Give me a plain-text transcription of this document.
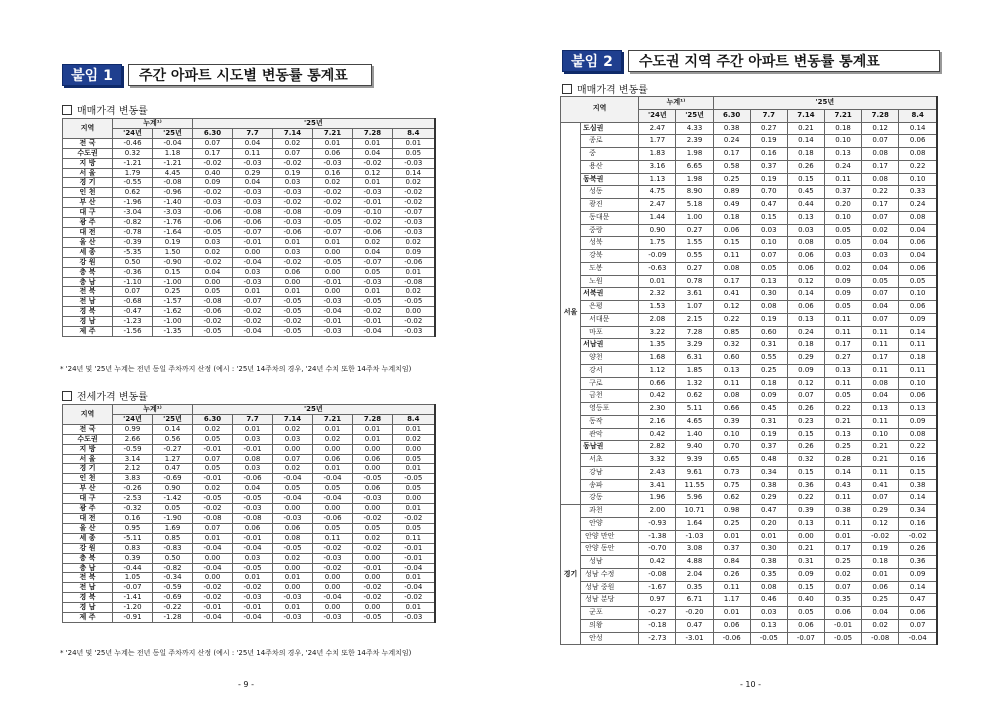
붙임 1	주간 아파트 시도별 변동률 통계표
매매가격 변동률
지역	누계¹⁾		'25년					
	'24년	'25년	6.30	7.7	7.14	7.21	7.28	8.4
전 국	-0.46	-0.04	0.07	0.04	0.02	0.01	0.01	0.01
수도권	0.32	1.18	0.17	0.11	0.07	0.06	0.04	0.05
지 방	-1.21	-1.21	-0.02	-0.03	-0.02	-0.03	-0.02	-0.03
서 울	1.79	4.45	0.40	0.29	0.19	0.16	0.12	0.14
경 기	-0.55	-0.08	0.09	0.04	0.03	0.02	0.01	0.02
인 천	0.62	-0.96	-0.02	-0.03	-0.03	-0.02	-0.03	-0.02
부 산	-1.96	-1.40	-0.03	-0.03	-0.02	-0.02	-0.01	-0.02
대 구	-3.04	-3.03	-0.06	-0.08	-0.08	-0.09	-0.10	-0.07
광 주	-0.82	-1.76	-0.06	-0.06	-0.03	-0.05	-0.02	-0.03
대 전	-0.78	-1.64	-0.05	-0.07	-0.06	-0.07	-0.06	-0.03
울 산	-0.39	0.19	0.03	-0.01	0.01	0.01	0.02	0.02
세 종	-5.35	1.50	0.02	0.00	0.03	0.00	0.04	0.09
강 원	0.50	-0.90	-0.02	-0.04	-0.02	-0.05	-0.07	-0.06
충 북	-0.36	0.15	0.04	0.03	0.06	0.00	0.05	0.01
충 남	-1.10	-1.00	0.00	-0.03	0.00	-0.01	-0.03	-0.08
전 북	0.07	0.25	0.05	0.01	0.01	0.00	0.01	0.02
전 남	-0.68	-1.57	-0.08	-0.07	-0.05	-0.03	-0.05	-0.05
경 북	-0.47	-1.62	-0.06	-0.02	-0.05	-0.04	-0.02	0.00
경 남	-1.23	-1.00	-0.02	-0.02	-0.02	-0.01	-0.01	-0.02
제 주	-1.56	-1.35	-0.05	-0.04	-0.05	-0.03	-0.04	-0.03
* '24년 및 '25년 누계는 전년 동일 주차까지 산정 (예시 : '25년 14주차의 경우, '24년 수치 또한 14주차 누계치임)
전세가격 변동률
지역	누계¹⁾		'25년					
	'24년	'25년	6.30	7.7	7.14	7.21	7.28	8.4
전 국	0.99	0.14	0.02	0.01	0.02	0.01	0.01	0.01
수도권	2.66	0.56	0.05	0.03	0.03	0.02	0.01	0.02
지 방	-0.59	-0.27	-0.01	-0.01	0.00	0.00	0.00	0.00
서 울	3.14	1.27	0.07	0.08	0.07	0.06	0.06	0.05
경 기	2.12	0.47	0.05	0.03	0.02	0.01	0.00	0.01
인 천	3.83	-0.69	-0.01	-0.06	-0.04	-0.04	-0.05	-0.05
부 산	-0.26	0.90	0.02	0.04	0.05	0.05	0.06	0.05
대 구	-2.53	-1.42	-0.05	-0.05	-0.04	-0.04	-0.03	0.00
광 주	-0.32	0.05	-0.02	-0.03	0.00	0.00	0.00	0.01
대 전	0.16	-1.90	-0.08	-0.08	-0.03	-0.06	-0.02	-0.02
울 산	0.95	1.69	0.07	0.06	0.06	0.05	0.05	0.05
세 종	-5.11	0.85	0.01	-0.01	0.08	0.11	0.02	0.11
강 원	0.83	-0.83	-0.04	-0.04	-0.05	-0.02	-0.02	-0.01
충 북	0.39	0.50	0.00	0.03	0.02	-0.03	0.00	-0.01
충 남	-0.44	-0.82	-0.04	-0.05	0.00	-0.02	-0.01	-0.04
전 북	1.05	-0.34	0.00	0.01	0.01	0.00	0.00	0.01
전 남	-0.07	-0.59	-0.02	-0.02	0.00	0.00	-0.02	-0.04
경 북	-1.41	-0.69	-0.02	-0.03	-0.03	-0.04	-0.02	-0.02
경 남	-1.20	-0.22	-0.01	-0.01	0.01	0.00	0.00	0.01
제 주	-0.91	-1.28	-0.04	-0.04	-0.03	-0.03	-0.05	-0.03
* '24년 및 '25년 누계는 전년 동일 주차까지 산정 (예시 : '25년 14주차의 경우, '24년 수치 또한 14주차 누계치임)
- 9 -
붙임 2	수도권 지역 주간 아파트 변동률 통계표
매매가격 변동률
지역		누계¹⁾		'25년					
		'24년	'25년	6.30	7.7	7.14	7.21	7.28	8.4
서울	도심권	2.47	4.33	0.38	0.27	0.21	0.18	0.12	0.14
	종로	1.77	2.39	0.24	0.19	0.14	0.10	0.07	0.06
	중	1.83	1.98	0.17	0.16	0.18	0.13	0.08	0.08
	용산	3.16	6.65	0.58	0.37	0.26	0.24	0.17	0.22
	동북권	1.13	1.98	0.25	0.19	0.15	0.11	0.08	0.10
	성동	4.75	8.90	0.89	0.70	0.45	0.37	0.22	0.33
	광진	2.47	5.18	0.49	0.47	0.44	0.20	0.17	0.24
	동대문	1.44	1.00	0.18	0.15	0.13	0.10	0.07	0.08
	중랑	0.90	0.27	0.06	0.03	0.03	0.05	0.02	0.04
	성북	1.75	1.55	0.15	0.10	0.08	0.05	0.04	0.06
	강북	-0.09	0.55	0.11	0.07	0.06	0.03	0.03	0.04
	도봉	-0.63	0.27	0.08	0.05	0.06	0.02	0.04	0.06
	노원	0.01	0.78	0.17	0.13	0.12	0.09	0.05	0.05
	서북권	2.32	3.61	0.41	0.30	0.14	0.09	0.07	0.10
	은평	1.53	1.07	0.12	0.08	0.06	0.05	0.04	0.06
	서대문	2.08	2.15	0.22	0.19	0.13	0.11	0.07	0.09
	마포	3.22	7.28	0.85	0.60	0.24	0.11	0.11	0.14
	서남권	1.35	3.29	0.32	0.31	0.18	0.17	0.11	0.11
	양천	1.68	6.31	0.60	0.55	0.29	0.27	0.17	0.18
	강서	1.12	1.85	0.13	0.25	0.09	0.13	0.11	0.11
	구로	0.66	1.32	0.11	0.18	0.12	0.11	0.08	0.10
	금천	0.42	0.62	0.08	0.09	0.07	0.05	0.04	0.06
	영등포	2.30	5.11	0.66	0.45	0.26	0.22	0.13	0.13
	동작	2.16	4.65	0.39	0.31	0.23	0.21	0.11	0.09
	관악	0.42	1.40	0.10	0.19	0.15	0.13	0.10	0.08
	동남권	2.82	9.40	0.70	0.37	0.26	0.25	0.21	0.22
	서초	3.32	9.39	0.65	0.48	0.32	0.28	0.21	0.16
	강남	2.43	9.61	0.73	0.34	0.15	0.14	0.11	0.15
	송파	3.41	11.55	0.75	0.38	0.36	0.43	0.41	0.38
	강동	1.96	5.96	0.62	0.29	0.22	0.11	0.07	0.14
경기	과천	2.00	10.71	0.98	0.47	0.39	0.38	0.29	0.34
	안양	-0.93	1.64	0.25	0.20	0.13	0.11	0.12	0.16
	안양 만안	-1.38	-1.03	0.01	0.01	0.00	0.01	-0.02	-0.02
	안양 동안	-0.70	3.08	0.37	0.30	0.21	0.17	0.19	0.26
	성남	0.42	4.88	0.84	0.38	0.31	0.25	0.18	0.36
	성남 수정	-0.08	2.04	0.26	0.35	0.09	0.02	0.01	0.09
	성남 중원	-1.67	0.35	0.11	0.08	0.15	0.07	0.06	0.14
	성남 분당	0.97	6.71	1.17	0.46	0.40	0.35	0.25	0.47
	군포	-0.27	-0.20	0.01	0.03	0.05	0.06	0.04	0.06
	의왕	-0.18	0.47	0.06	0.13	0.06	-0.01	0.02	0.07
	안성	-2.73	-3.01	-0.06	-0.05	-0.07	-0.05	-0.08	-0.04
- 10 -
